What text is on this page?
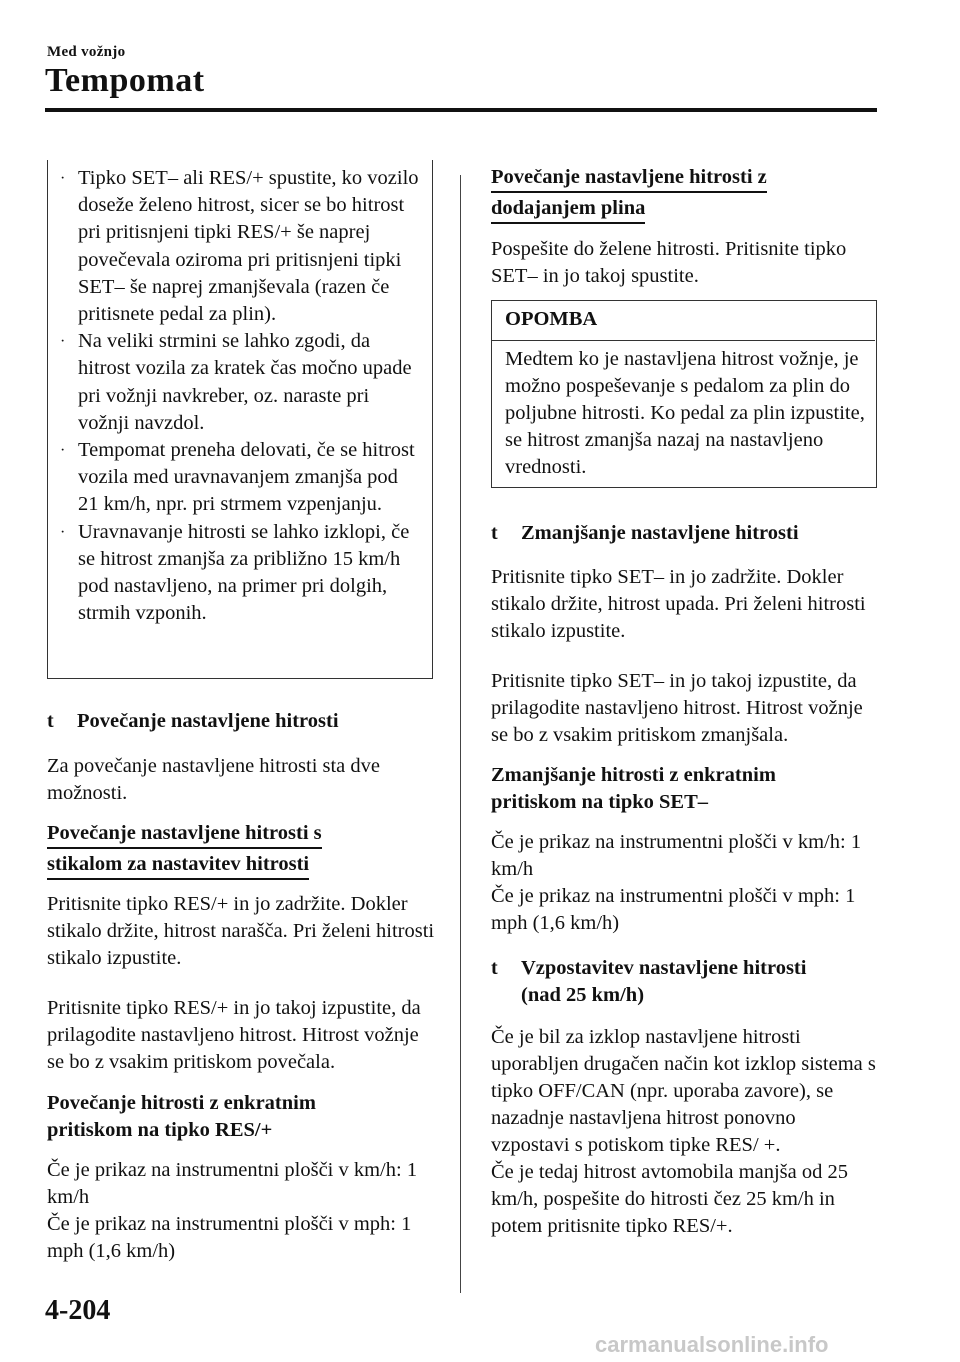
Med vožnjo
Tempomat
· Tipko SET– ali RES/+ spustite, ko vozilo doseže želeno hitrost, sicer se bo hitrost pri pritisnjeni tipki RES/+ še naprej povečevala oziroma pri pritisnjeni tipki SET– še naprej zmanjševala (razen če pritisnete pedal za plin).
· Na veliki strmini se lahko zgodi, da hitrost vozila za kratek čas močno upade pri vožnji navkreber, oz. naraste pri vožnji navzdol.
· Tempomat preneha delovati, če se hitrost vozila med uravnavanjem zmanjša pod 21 km/h, npr. pri strmem vzpenjanju.
· Uravnavanje hitrosti se lahko izklopi, če se hitrost zmanjša za približno 15 km/h pod nastavljeno, na primer pri dolgih, strmih vzponih.
t	Povečanje nastavljene hitrosti

Za povečanje nastavljene hitrosti sta dve možnosti.

Povečanje nastavljene hitrosti s
stikalom za nastavitev hitrosti

Pritisnite tipko RES/+ in jo zadržite. Dokler stikalo držite, hitrost narašča. Pri želeni hitrosti stikalo izpustite.

Pritisnite tipko RES/+ in jo takoj izpustite, da prilagodite nastavljeno hitrost. Hitrost vožnje se bo z vsakim pritiskom povečala.

Povečanje hitrosti z enkratnim
pritiskom na tipko RES/+

Če je prikaz na instrumentni plošči v km/h: 1 km/h

Če je prikaz na instrumentni plošči v mph: 1 mph (1,6 km/h)

Povečanje nastavljene hitrosti z
dodajanjem plina

Pospešite do želene hitrosti. Pritisnite tipko SET– in jo takoj spustite.

OPOMBA
Medtem ko je nastavljena hitrost vožnje, je možno pospeševanje s pedalom za plin do poljubne hitrosti. Ko pedal za plin izpustite, se hitrost zmanjša nazaj na nastavljeno vrednosti.
t	Zmanjšanje nastavljene hitrosti

Pritisnite tipko SET– in jo zadržite. Dokler stikalo držite, hitrost upada. Pri želeni hitrosti stikalo izpustite.

Pritisnite tipko SET– in jo takoj izpustite, da prilagodite nastavljeno hitrost. Hitrost vožnje se bo z vsakim pritiskom zmanjšala.

Zmanjšanje hitrosti z enkratnim
pritiskom na tipko SET–

Če je prikaz na instrumentni plošči v km/h: 1 km/h

Če je prikaz na instrumentni plošči v mph: 1 mph (1,6 km/h)

t	Vzpostavitev nastavljene hitrosti
(nad 25 km/h)

Če je bil za izklop nastavljene hitrosti uporabljen drugačen način kot izklop sistema s tipko OFF/CAN (npr. uporaba zavore), se nazadnje nastavljena hitrost ponovno vzpostavi s potiskom tipke RES/ +.

Če je tedaj hitrost avtomobila manjša od 25 km/h, pospešite do hitrosti čez 25 km/h in potem pritisnite tipko RES/+.

4-204
carmanualsonline.info
